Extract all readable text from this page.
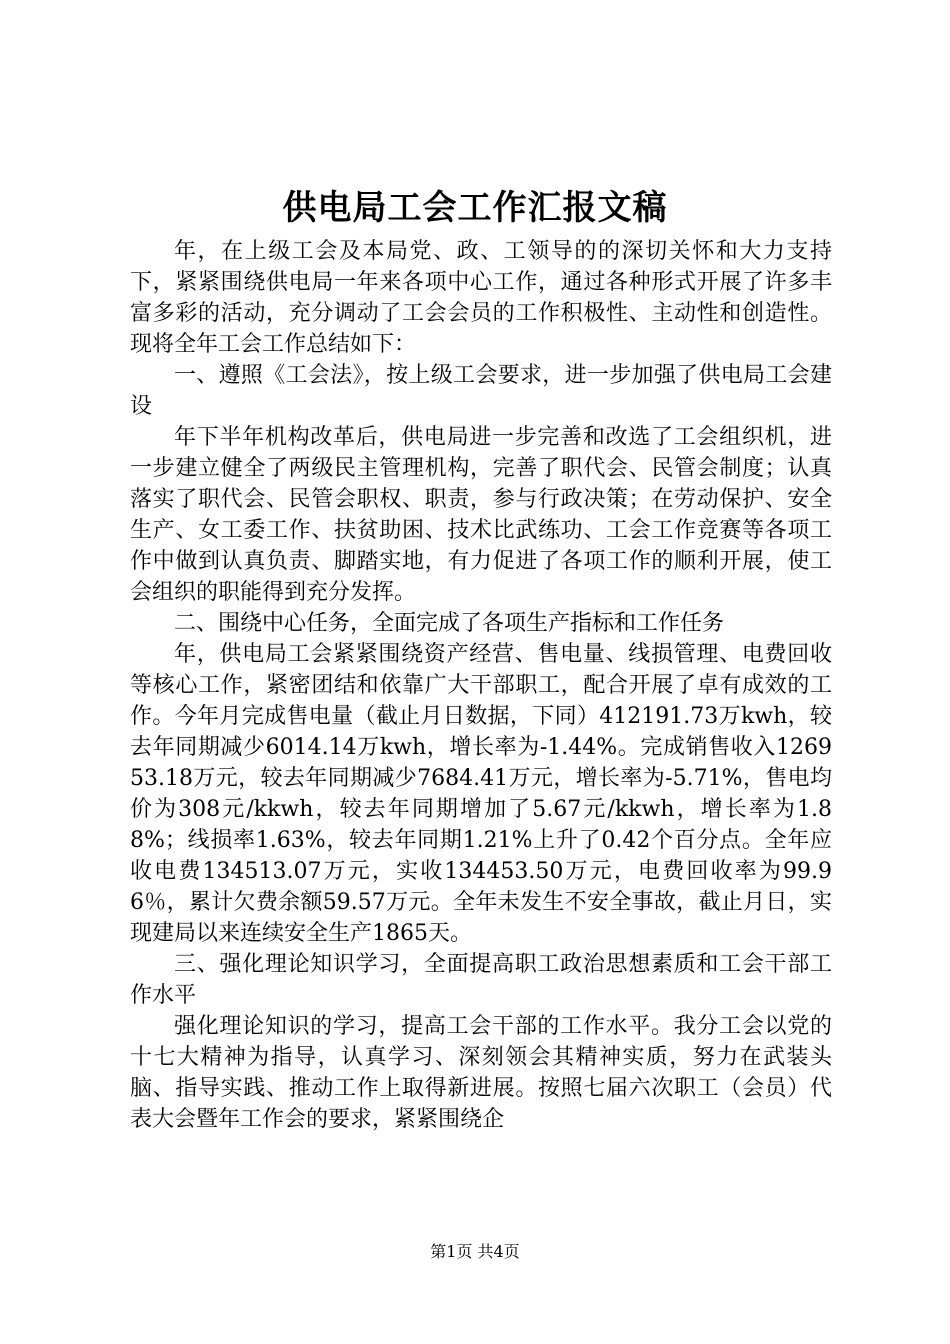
供电局工会工作汇报文稿

年，在上级工会及本局党、政、工领导的的深切关怀和大力支持下，紧紧围绕供电局一年来各项中心工作，通过各种形式开展了许多丰富多彩的活动，充分调动了工会会员的工作积极性、主动性和创造性。现将全年工会工作总结如下：

一、遵照《工会法》，按上级工会要求，进一步加强了供电局工会建设

年下半年机构改革后，供电局进一步完善和改选了工会组织机，进一步建立健全了两级民主管理机构，完善了职代会、民管会制度；认真落实了职代会、民管会职权、职责，参与行政决策；在劳动保护、安全生产、女工委工作、扶贫助困、技术比武练功、工会工作竞赛等各项工作中做到认真负责、脚踏实地，有力促进了各项工作的顺利开展，使工会组织的职能得到充分发挥。

二、围绕中心任务，全面完成了各项生产指标和工作任务

年，供电局工会紧紧围绕资产经营、售电量、线损管理、电费回收等核心工作，紧密团结和依靠广大干部职工，配合开展了卓有成效的工作。今年月完成售电量（截止月日数据，下同）412191.73万kwh，较去年同期减少6014.14万kwh，增长率为-1.44%。完成销售收入126953.18万元，较去年同期减少7684.41万元，增长率为-5.71%，售电均价为308元/kkwh，较去年同期增加了5.67元/kkwh，增长率为1.88%；线损率1.63%，较去年同期1.21%上升了0.42个百分点。全年应收电费134513.07万元，实收134453.50万元，电费回收率为99.96％，累计欠费余额59.57万元。全年未发生不安全事故，截止月日，实现建局以来连续安全生产1865天。

三、强化理论知识学习，全面提高职工政治思想素质和工会干部工作水平

强化理论知识的学习，提高工会干部的工作水平。我分工会以党的十七大精神为指导，认真学习、深刻领会其精神实质，努力在武装头脑、指导实践、推动工作上取得新进展。按照七届六次职工（会员）代表大会暨年工作会的要求，紧紧围绕企

第1页 共4页
